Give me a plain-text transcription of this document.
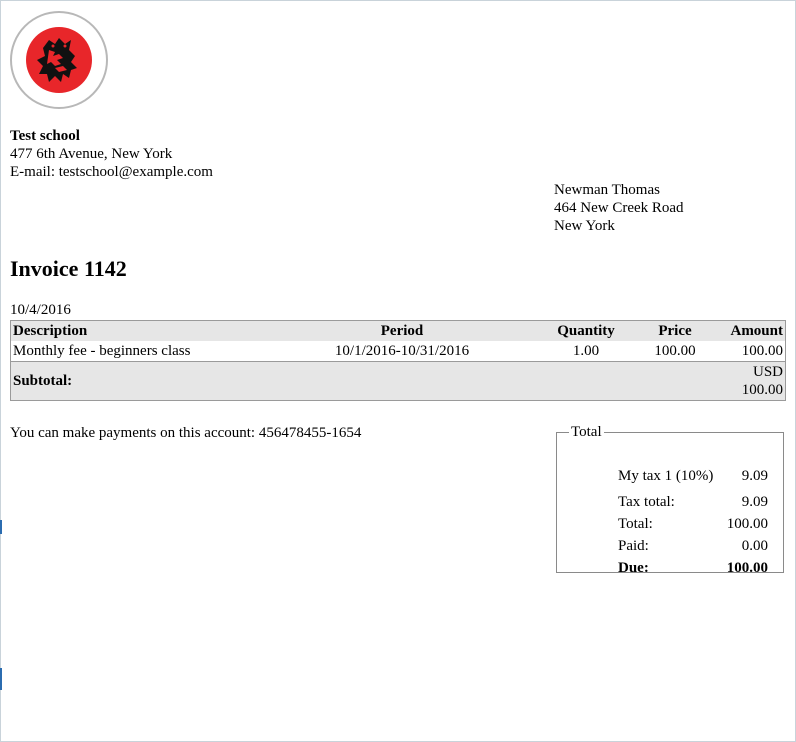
Test school
477 6th Avenue, New York
E-mail: testschool@example.com
Newman Thomas
464 New Creek Road
New York
Invoice 1142
10/4/2016
Description	Period	Quantity	Price	Amount
Monthly fee - beginners class	10/1/2016-10/31/2016	1.00	100.00	100.00
Subtotal:				USD 100.00
You can make payments on this account: 456478455-1654	Total
My tax 1 (10%) 9.09
Tax total:	9.09
Total:	100.00
Paid:	0.00
Due:	100.00
